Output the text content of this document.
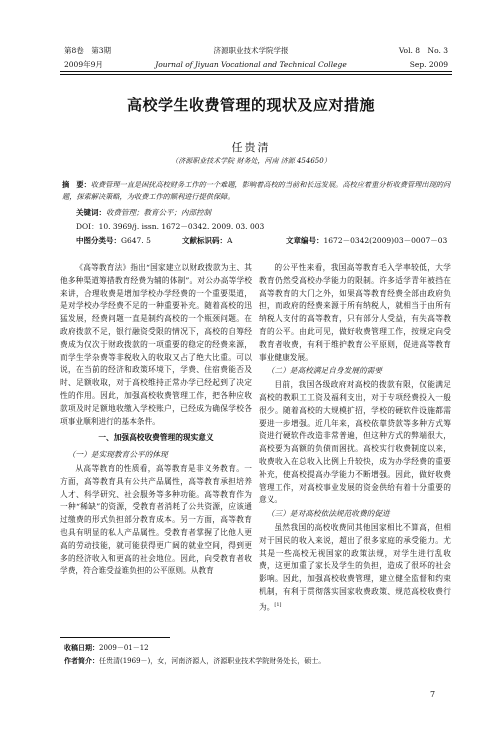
第8卷　第3期
2009年9月
济源职业技术学院学报
Journal of Jiyuan Vocational and Technical College
Vol. 8　No. 3
Sep. 2009
高校学生收费管理的现状及应对措施
任贵清
（济源职业技术学院 财务处，河南 济源 454650）
摘　要：收费管理一直是困扰高校财务工作的一个难题，影响着高校的当前和长远发展。高校应着重分析收费管理出现的问题，探索解决策略，为收费工作的顺利进行提供保障。
关键词：收费管理；教育公平；内部控制
DOI：10. 3969/j. issn. 1672－0342. 2009. 03. 003
中图分类号：G647. 5	文献标识码：A	文章编号：1672－0342(2009)03－0007－03

《高等教育法》指出“国家建立以财政拨款为主、其他多种渠道筹措教育经费为辅的体制”。对公办高等学校来讲，合理收费是增加学校办学经费的一个重要渠道，是对学校办学经费不足的一种重要补充。随着高校的迅猛发展，经费问题一直是制约高校的一个瓶颈问题。在政府拨款不足，银行融资受限的情况下，高校的自筹经费成为仅次于财政拨款的一项重要的稳定的经费来源，而学生学杂费等非税收入的收取又占了绝大比重。可以说，在当前的经济和政策环境下，学费、住宿费能否及时、足额收取，对于高校维持正常办学已经起到了决定性的作用。因此，加强高校收费管理工作，把各种应收款项及时足额地收缴入学校账户，已经成为确保学校各项事业顺利进行的基本条件。

一、加强高校收费管理的现实意义

（一）是实现教育公平的体现

从高等教育的性质看，高等教育是非义务教育。一方面，高等教育具有公共产品属性，高等教育承担培养人才、科学研究、社会服务等多种功能。高等教育作为一种“稀缺”的资源，受教育者消耗了公共资源，应该通过缴费的形式负担部分教育成本。另一方面，高等教育也具有明显的私人产品属性。受教育者掌握了比他人更高的劳动技能，就可能获得更广阔的就业空间，得到更多的经济收入和更高的社会地位。因此，向受教育者收学费，符合谁受益谁负担的公平原则。从教育

的公平性来看，我国高等教育毛入学率较低，大学教育仍然受高校办学能力的限制。许多适学青年被挡在高等教育的大门之外，如果高等教育经费全部由政府负担，而政府的经费来源于所有纳税人，就相当于由所有纳税人支付的高等教育，只有部分人受益，有失高等教育的公平。由此可见，做好收费管理工作，按规定向受教育者收费，有利于维护教育公平原则，促进高等教育事业健康发展。

（二）是高校满足自身发展的需要

目前，我国各级政府对高校的拨款有限，仅能满足高校的教职工工资及福利支出，对于专项经费投入一般很少。随着高校的大规模扩招，学校的硬软件设施都需要进一步增强。近几年来，高校依靠贷款等多种方式筹资进行硬软件改造非常普遍，但这种方式的弊端很大，高校要为高额的负债而困扰。高校实行收费制度以来，收费收入在总收入比例上升较快，成为办学经费的重要补充，使高校提高办学能力不断增强。因此，做好收费管理工作，对高校事业发展的资金供给有着十分重要的意义。

（三）是对高校依法规范收费的促进

虽然我国的高校收费同其他国家相比不算高，但相对于国民的收入来说，超出了很多家庭的承受能力。尤其是一些高校无视国家的政策法规，对学生进行乱收费，这更加重了家长及学生的负担，造成了很坏的社会影响。因此，加强高校收费管理，建立健全监督和约束机制，有利于贯彻落实国家收费政策、规范高校收费行为。[1]

收稿日期：2009－01－12
作者简介：任贵清(1969－)，女，河南济源人，济源职业技术学院财务处长，硕士。
7
